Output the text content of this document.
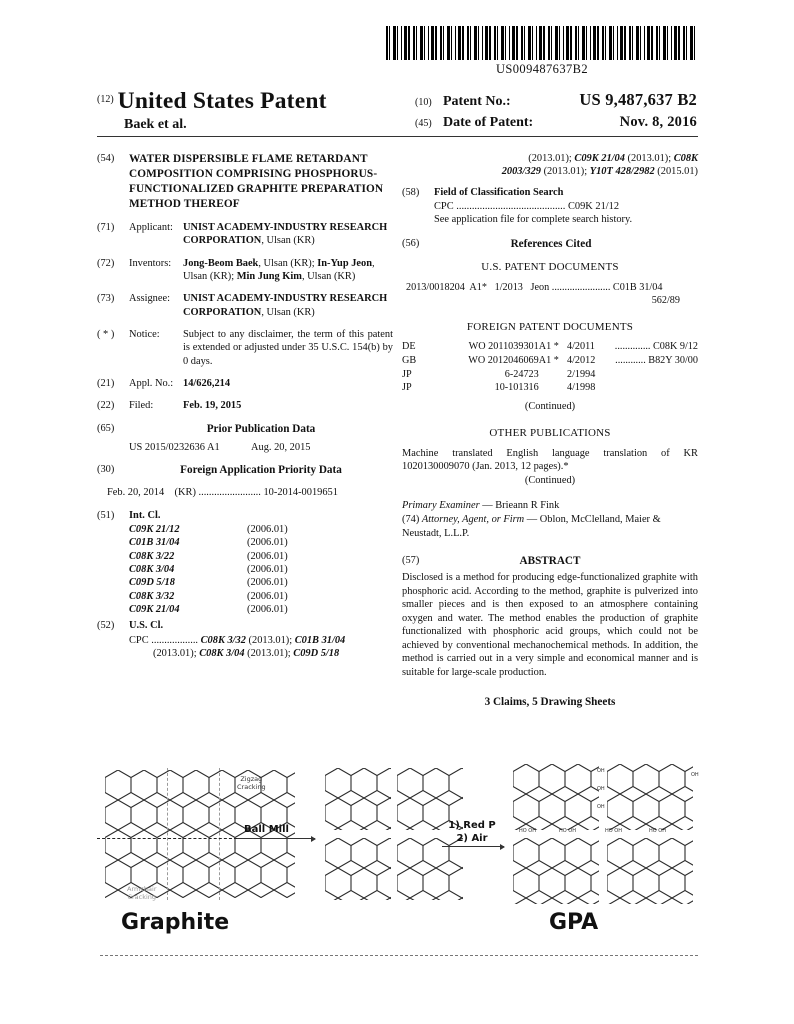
US009487637B2
$^{(12)}$ United States Patent
Baek et al.
(10) Patent No.:	US 9,487,637 B2
(45) Date of Patent:	Nov. 8, 2016
(54)	WATER DISPERSIBLE FLAME RETARDANT COMPOSITION COMPRISING PHOSPHORUS-FUNCTIONALIZED GRAPHITE PREPARATION METHOD THEREOF
(71)	Applicant: UNIST ACADEMY-INDUSTRY RESEARCH CORPORATION, Ulsan (KR)
(72)	Inventors:	Jong-Beom Baek, Ulsan (KR); In-Yup Jeon, Ulsan (KR); Min Jung Kim, Ulsan (KR)
(73)	Assignee:	UNIST ACADEMY-INDUSTRY RESEARCH CORPORATION, Ulsan (KR)
( * )	Notice:	Subject to any disclaimer, the term of this patent is extended or adjusted under 35 U.S.C. 154(b) by 0 days.
(21)	Appl. No.: 14/626,214
(22)	Filed:	Feb. 19, 2015
(65)	Prior Publication Data
US 2015/0232636 A1	Aug. 20, 2015
(30)	Foreign Application Priority Data
Feb. 20, 2014 (KR) ........................ 10-2014-0019651
(51)	Int. Cl.
C09K 21/12	(2006.01)
C01B 31/04	(2006.01)
C08K 3/22	(2006.01)
C08K 3/04	(2006.01)
C09D 5/18	(2006.01)
C08K 3/32	(2006.01)
C09K 21/04	(2006.01)
(52)	U.S. Cl.
CPC .................. C08K 3/32 (2013.01); C01B 31/04
(2013.01); C08K 3/04 (2013.01); C09D 5/18
(2013.01); C09K 21/04 (2013.01); C08K
2003/329 (2013.01); Y10T 428/2982 (2015.01)
(58)	Field of Classification Search
CPC .......................................... C09K 21/12
See application file for complete search history.
(56)	References Cited
U.S. PATENT DOCUMENTS
2013/0018204 A1* 1/2013 Jeon ....................... C01B 31/04
562/89
FOREIGN PATENT DOCUMENTS
DE	WO 2011039301	A1 *	4/2011	.............. C08K 9/12
GB	WO 2012046069	A1 *	4/2012	............ B82Y 30/00
JP	6-24723		2/1994	
JP	10-101316		4/1998	
(Continued)
OTHER PUBLICATIONS
Machine translated English language translation of KR 1020130009070 (Jan. 2013, 12 pages).*
(Continued)
Primary Examiner — Brieann R Fink
(74) Attorney, Agent, or Firm — Oblon, McClelland, Maier & Neustadt, L.L.P.
(57)	ABSTRACT
Disclosed is a method for producing edge-functionalized graphite with phosphoric acid. According to the method, graphite is pulverized into smaller pieces and is then exposed to an atmosphere containing oxygen and water. The method enables the production of graphite functionalized with phosphoric acid groups, which could not be achieved by conventional mechanochemical methods. In addition, the method is carried out in a very simple and economical manner and is suitable for large-scale production.
3 Claims, 5 Drawing Sheets
Zigzag
Cracking
Armchair
Cracking
Ball Mill	1) Red P
2) Air
OH
OH
OH
HO OH	HO OH

OH
HO OH	HO OH

Graphite	GPA
